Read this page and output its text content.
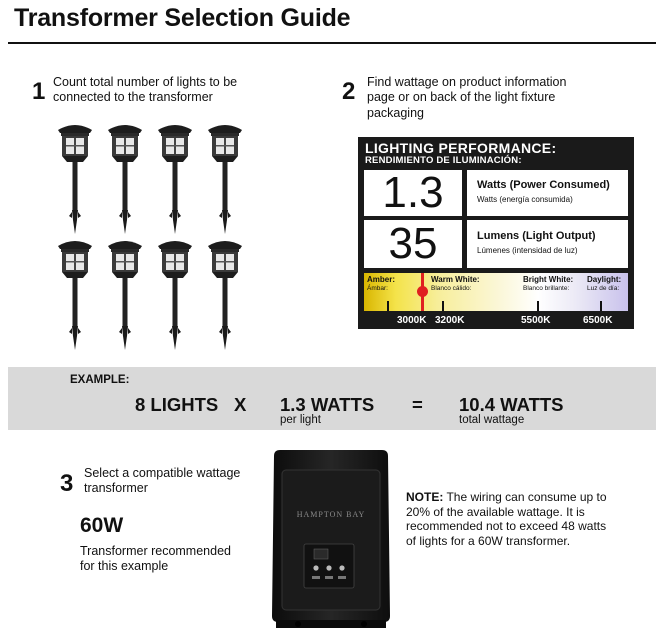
Transformer Selection Guide
1 Count total number of lights to be
connected to the transformer	2 Find wattage on product information
page or on back of the light fixture
packaging
LIGHTING PERFORMANCE:
RENDIMIENTO DE ILUMINACIÓN:
1.3	Watts (Power Consumed)
Watts (energía consumida)
35	Lumens (Light Output)
Lúmenes (intensidad de luz)
Amber:
Ámbar:
Warm White:
Blanco cálido:
Bright White:
Blanco brillante:
Daylight:
Luz de día:
3000K 3200K	5500K	6500K
EXAMPLE:
8 LIGHTS X 1.3 WATTS
per light
= 10.4 WATTS
total wattage
3 Select a compatible wattage
transformer
60W
Transformer recommended
for this example
HAMPTON BAY
NOTE: The wiring can consume up to 20% of the available wattage. It is recommended not to exceed 48 watts of lights for a 60W transformer.
